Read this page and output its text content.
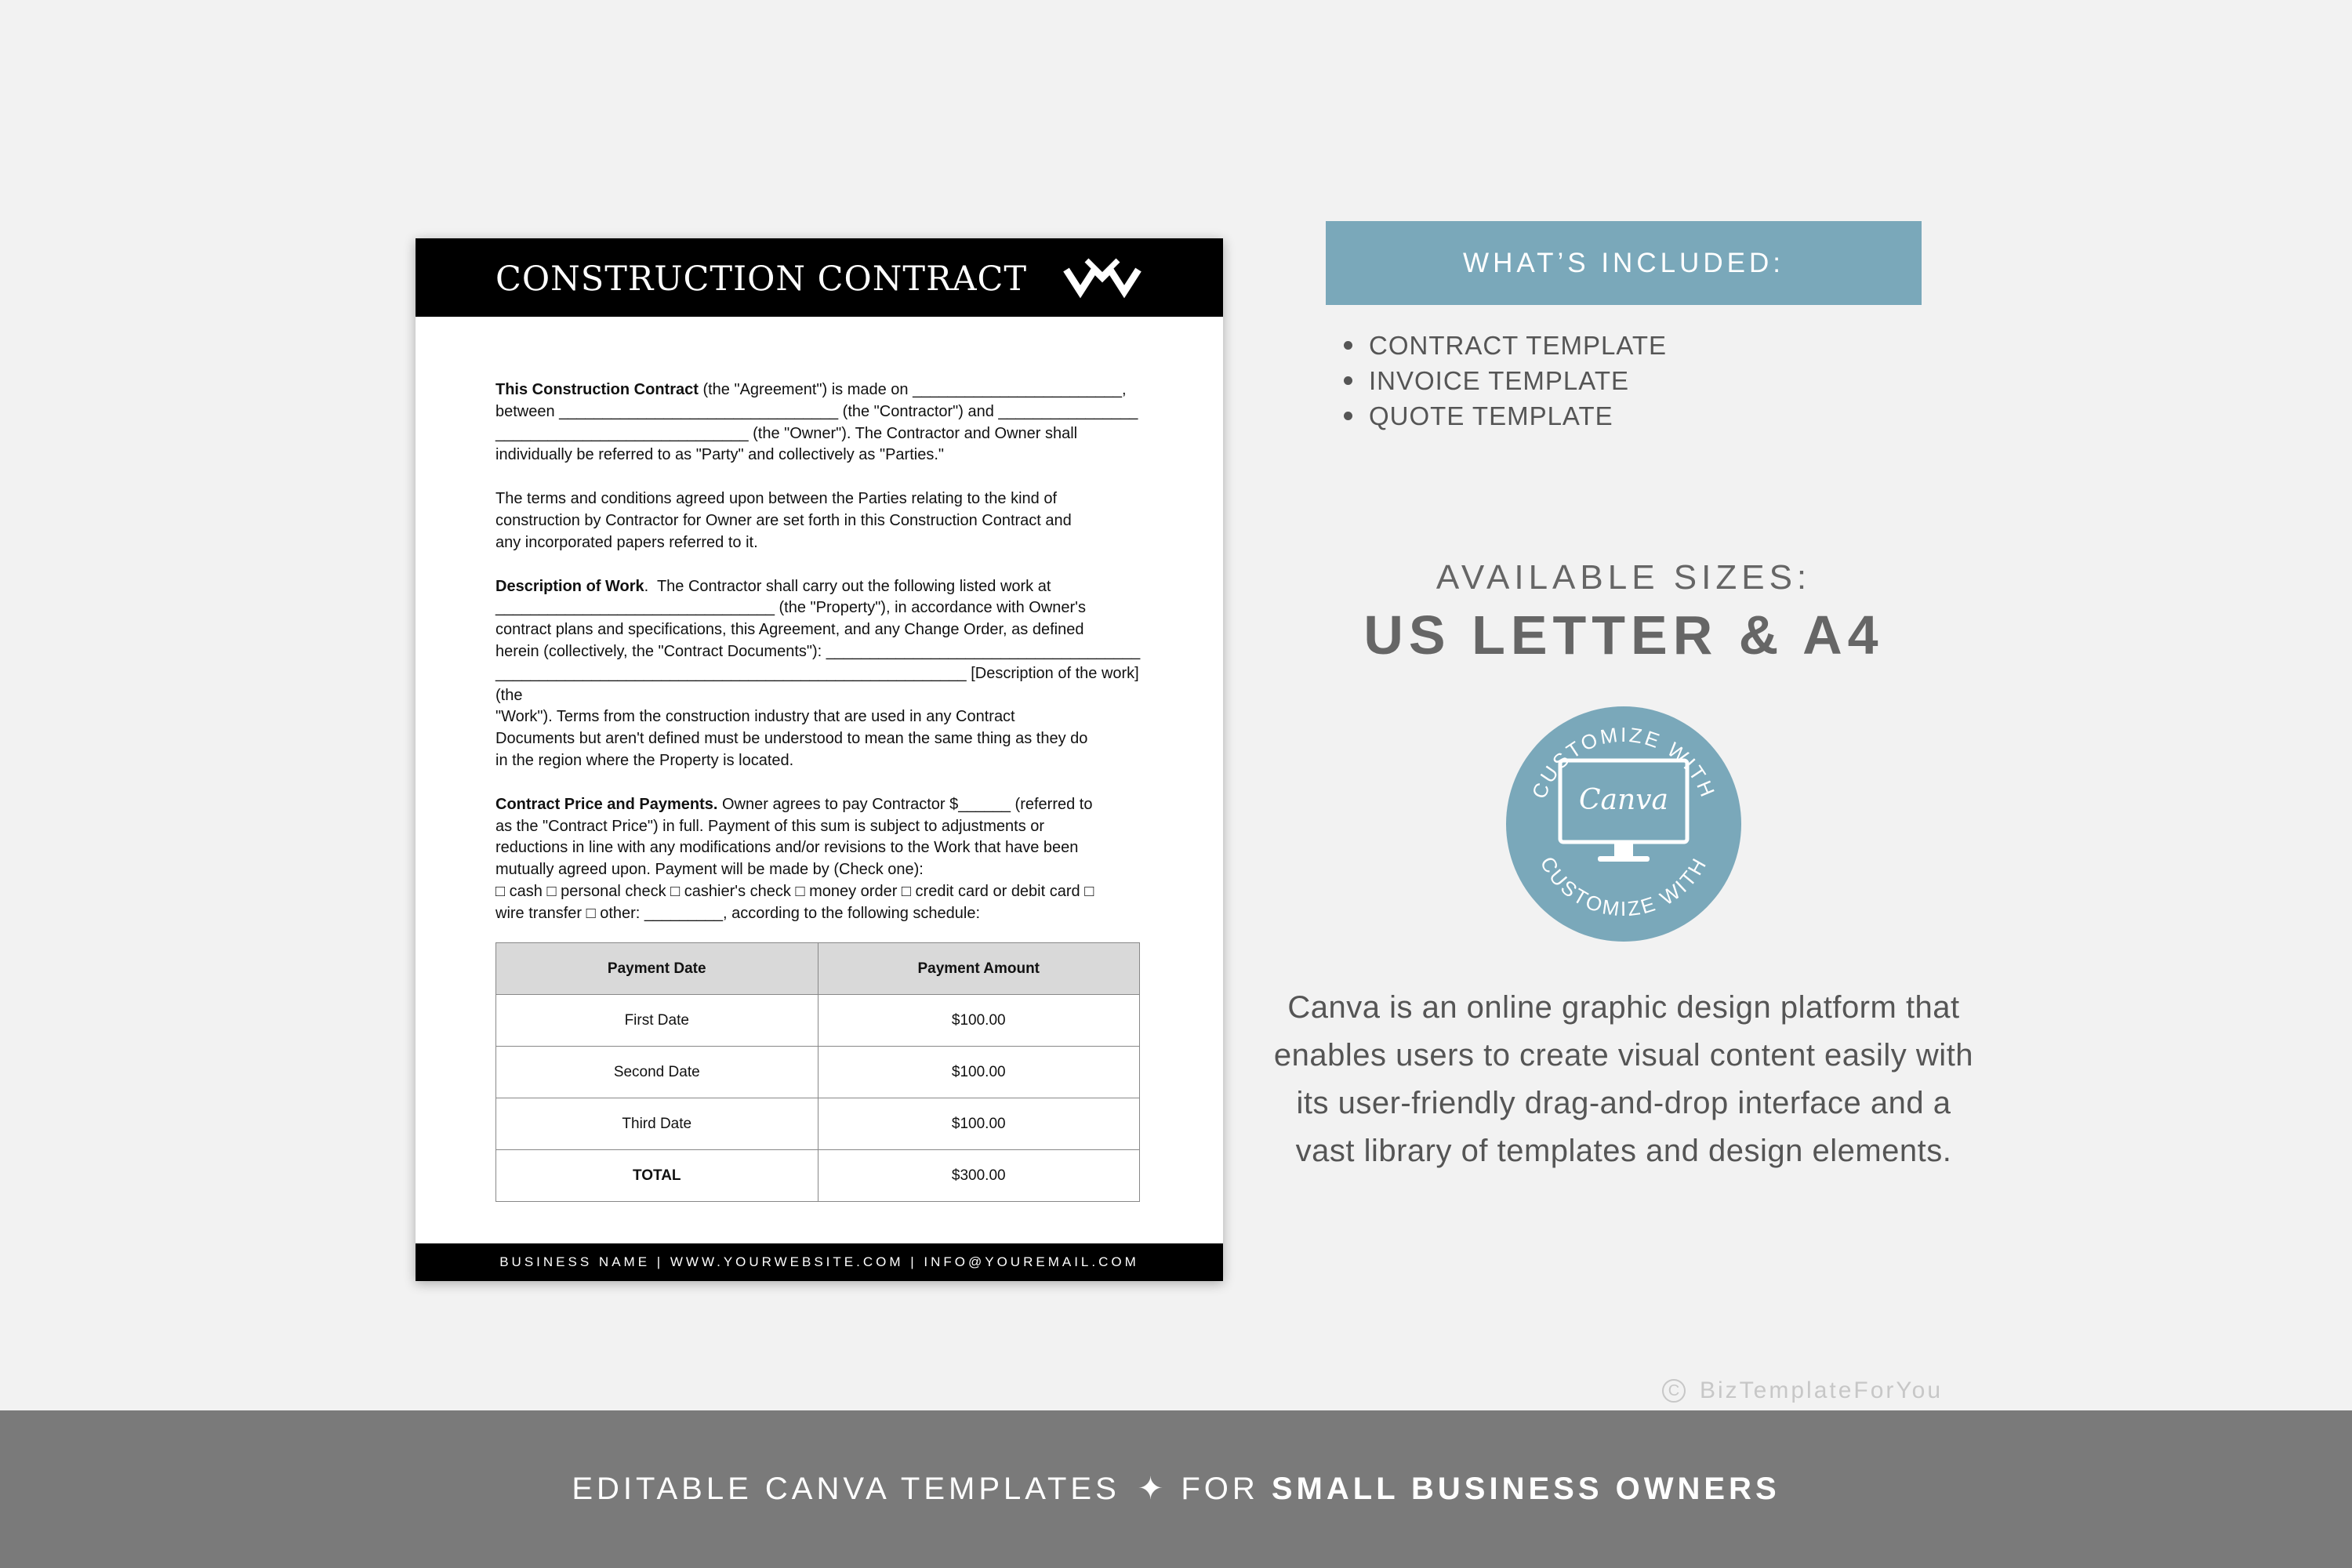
CONSTRUCTION CONTRACT

This Construction Contract (the "Agreement") is made on ________________________,
between ________________________________ (the "Contractor") and ________________
_____________________________ (the "Owner"). The Contractor and Owner shall
individually be referred to as "Party" and collectively as "Parties."

The terms and conditions agreed upon between the Parties relating to the kind of
construction by Contractor for Owner are set forth in this Construction Contract and
any incorporated papers referred to it.

Description of Work.  The Contractor shall carry out the following listed work at
________________________________ (the "Property"), in accordance with Owner's
contract plans and specifications, this Agreement, and any Change Order, as defined
herein (collectively, the "Contract Documents"): ____________________________________
______________________________________________________ [Description of the work] (the
"Work"). Terms from the construction industry that are used in any Contract
Documents but aren't defined must be understood to mean the same thing as they do
in the region where the Property is located.

Contract Price and Payments. Owner agrees to pay Contractor $______ (referred to
as the "Contract Price") in full. Payment of this sum is subject to adjustments or
reductions in line with any modifications and/or revisions to the Work that have been
mutually agreed upon. Payment will be made by (Check one):
□ cash □ personal check □ cashier's check □ money order □ credit card or debit card □
wire transfer □ other: _________, according to the following schedule:

Payment Date	Payment Amount
First Date	$100.00
Second Date	$100.00
Third Date	$100.00
TOTAL	$300.00
BUSINESS NAME | WWW.YOURWEBSITE.COM | INFO@YOUREMAIL.COM
WHAT’S INCLUDED:
CONTRACT TEMPLATE
INVOICE TEMPLATE
QUOTE TEMPLATE
AVAILABLE SIZES:
US LETTER & A4
CUSTOMIZE WITH
CUSTOMIZE WITH
Canva
Canva is an online graphic design platform that enables users to create visual content easily with its user-friendly drag-and-drop interface and a vast library of templates and design elements.
C BizTemplateForYou
EDITABLE CANVA TEMPLATES ✦ FOR SMALL BUSINESS OWNERS
